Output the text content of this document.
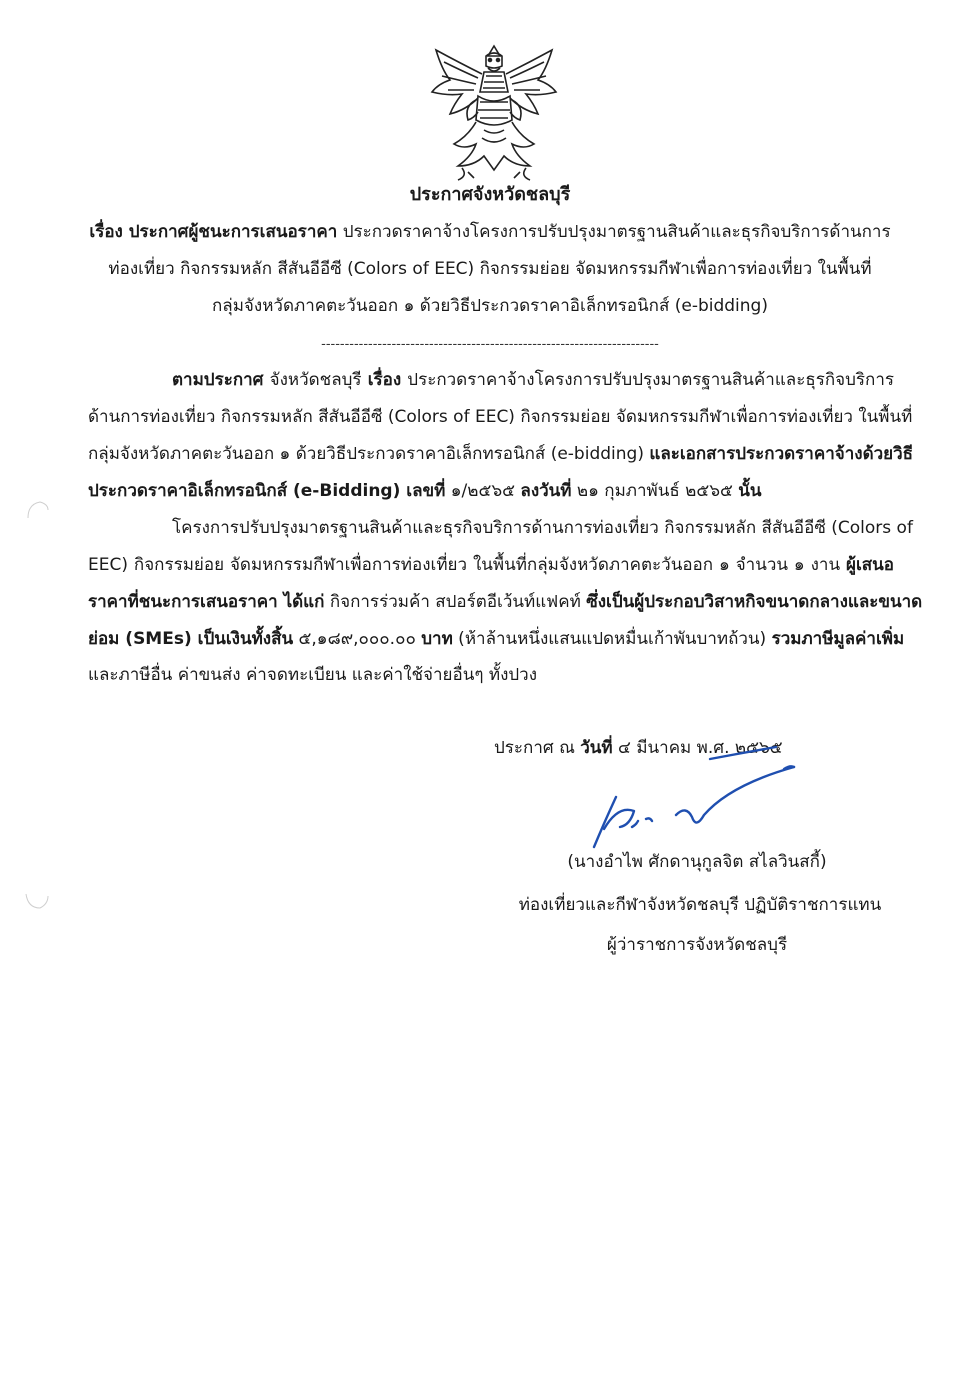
ประกาศจังหวัดชลบุรี
เรื่อง ประกาศผู้ชนะการเสนอราคา ประกวดราคาจ้างโครงการปรับปรุงมาตรฐานสินค้าและธุรกิจบริการด้านการ
ท่องเที่ยว กิจกรรมหลัก สีสันอีอีซี (Colors of EEC) กิจกรรมย่อย จัดมหกรรมกีฬาเพื่อการท่องเที่ยว ในพื้นที่
กลุ่มจังหวัดภาคตะวันออก ๑ ด้วยวิธีประกวดราคาอิเล็กทรอนิกส์ (e-bidding)
------------------------------------------------------------------------
ตามประกาศ จังหวัดชลบุรี เรื่อง ประกวดราคาจ้างโครงการปรับปรุงมาตรฐานสินค้าและธุรกิจบริการ
ด้านการท่องเที่ยว กิจกรรมหลัก สีสันอีอีซี (Colors of EEC) กิจกรรมย่อย จัดมหกรรมกีฬาเพื่อการท่องเที่ยว ในพื้นที่
กลุ่มจังหวัดภาคตะวันออก ๑ ด้วยวิธีประกวดราคาอิเล็กทรอนิกส์ (e-bidding) และเอกสารประกวดราคาจ้างด้วยวิธี
ประกวดราคาอิเล็กทรอนิกส์ (e-Bidding) เลขที่ ๑/๒๕๖๕ ลงวันที่ ๒๑ กุมภาพันธ์ ๒๕๖๕ นั้น
โครงการปรับปรุงมาตรฐานสินค้าและธุรกิจบริการด้านการท่องเที่ยว กิจกรรมหลัก สีสันอีอีซี (Colors of
EEC) กิจกรรมย่อย จัดมหกรรมกีฬาเพื่อการท่องเที่ยว ในพื้นที่กลุ่มจังหวัดภาคตะวันออก ๑ จำนวน ๑ งาน ผู้เสนอ
ราคาที่ชนะการเสนอราคา ได้แก่ กิจการร่วมค้า สปอร์ตอีเว้นท์แฟคท์ ซึ่งเป็นผู้ประกอบวิสาหกิจขนาดกลางและขนาด
ย่อม (SMEs) เป็นเงินทั้งสิ้น ๕,๑๘๙,๐๐๐.๐๐ บาท (ห้าล้านหนึ่งแสนแปดหมื่นเก้าพันบาทถ้วน) รวมภาษีมูลค่าเพิ่ม
และภาษีอื่น ค่าขนส่ง ค่าจดทะเบียน และค่าใช้จ่ายอื่นๆ ทั้งปวง
ประกาศ ณ วันที่ ๔ มีนาคม พ.ศ. ๒๕๖๕
(นางอำไพ ศักดานุกูลจิต สไลวินสกี้)
ท่องเที่ยวและกีฬาจังหวัดชลบุรี ปฏิบัติราชการแทน
ผู้ว่าราชการจังหวัดชลบุรี
